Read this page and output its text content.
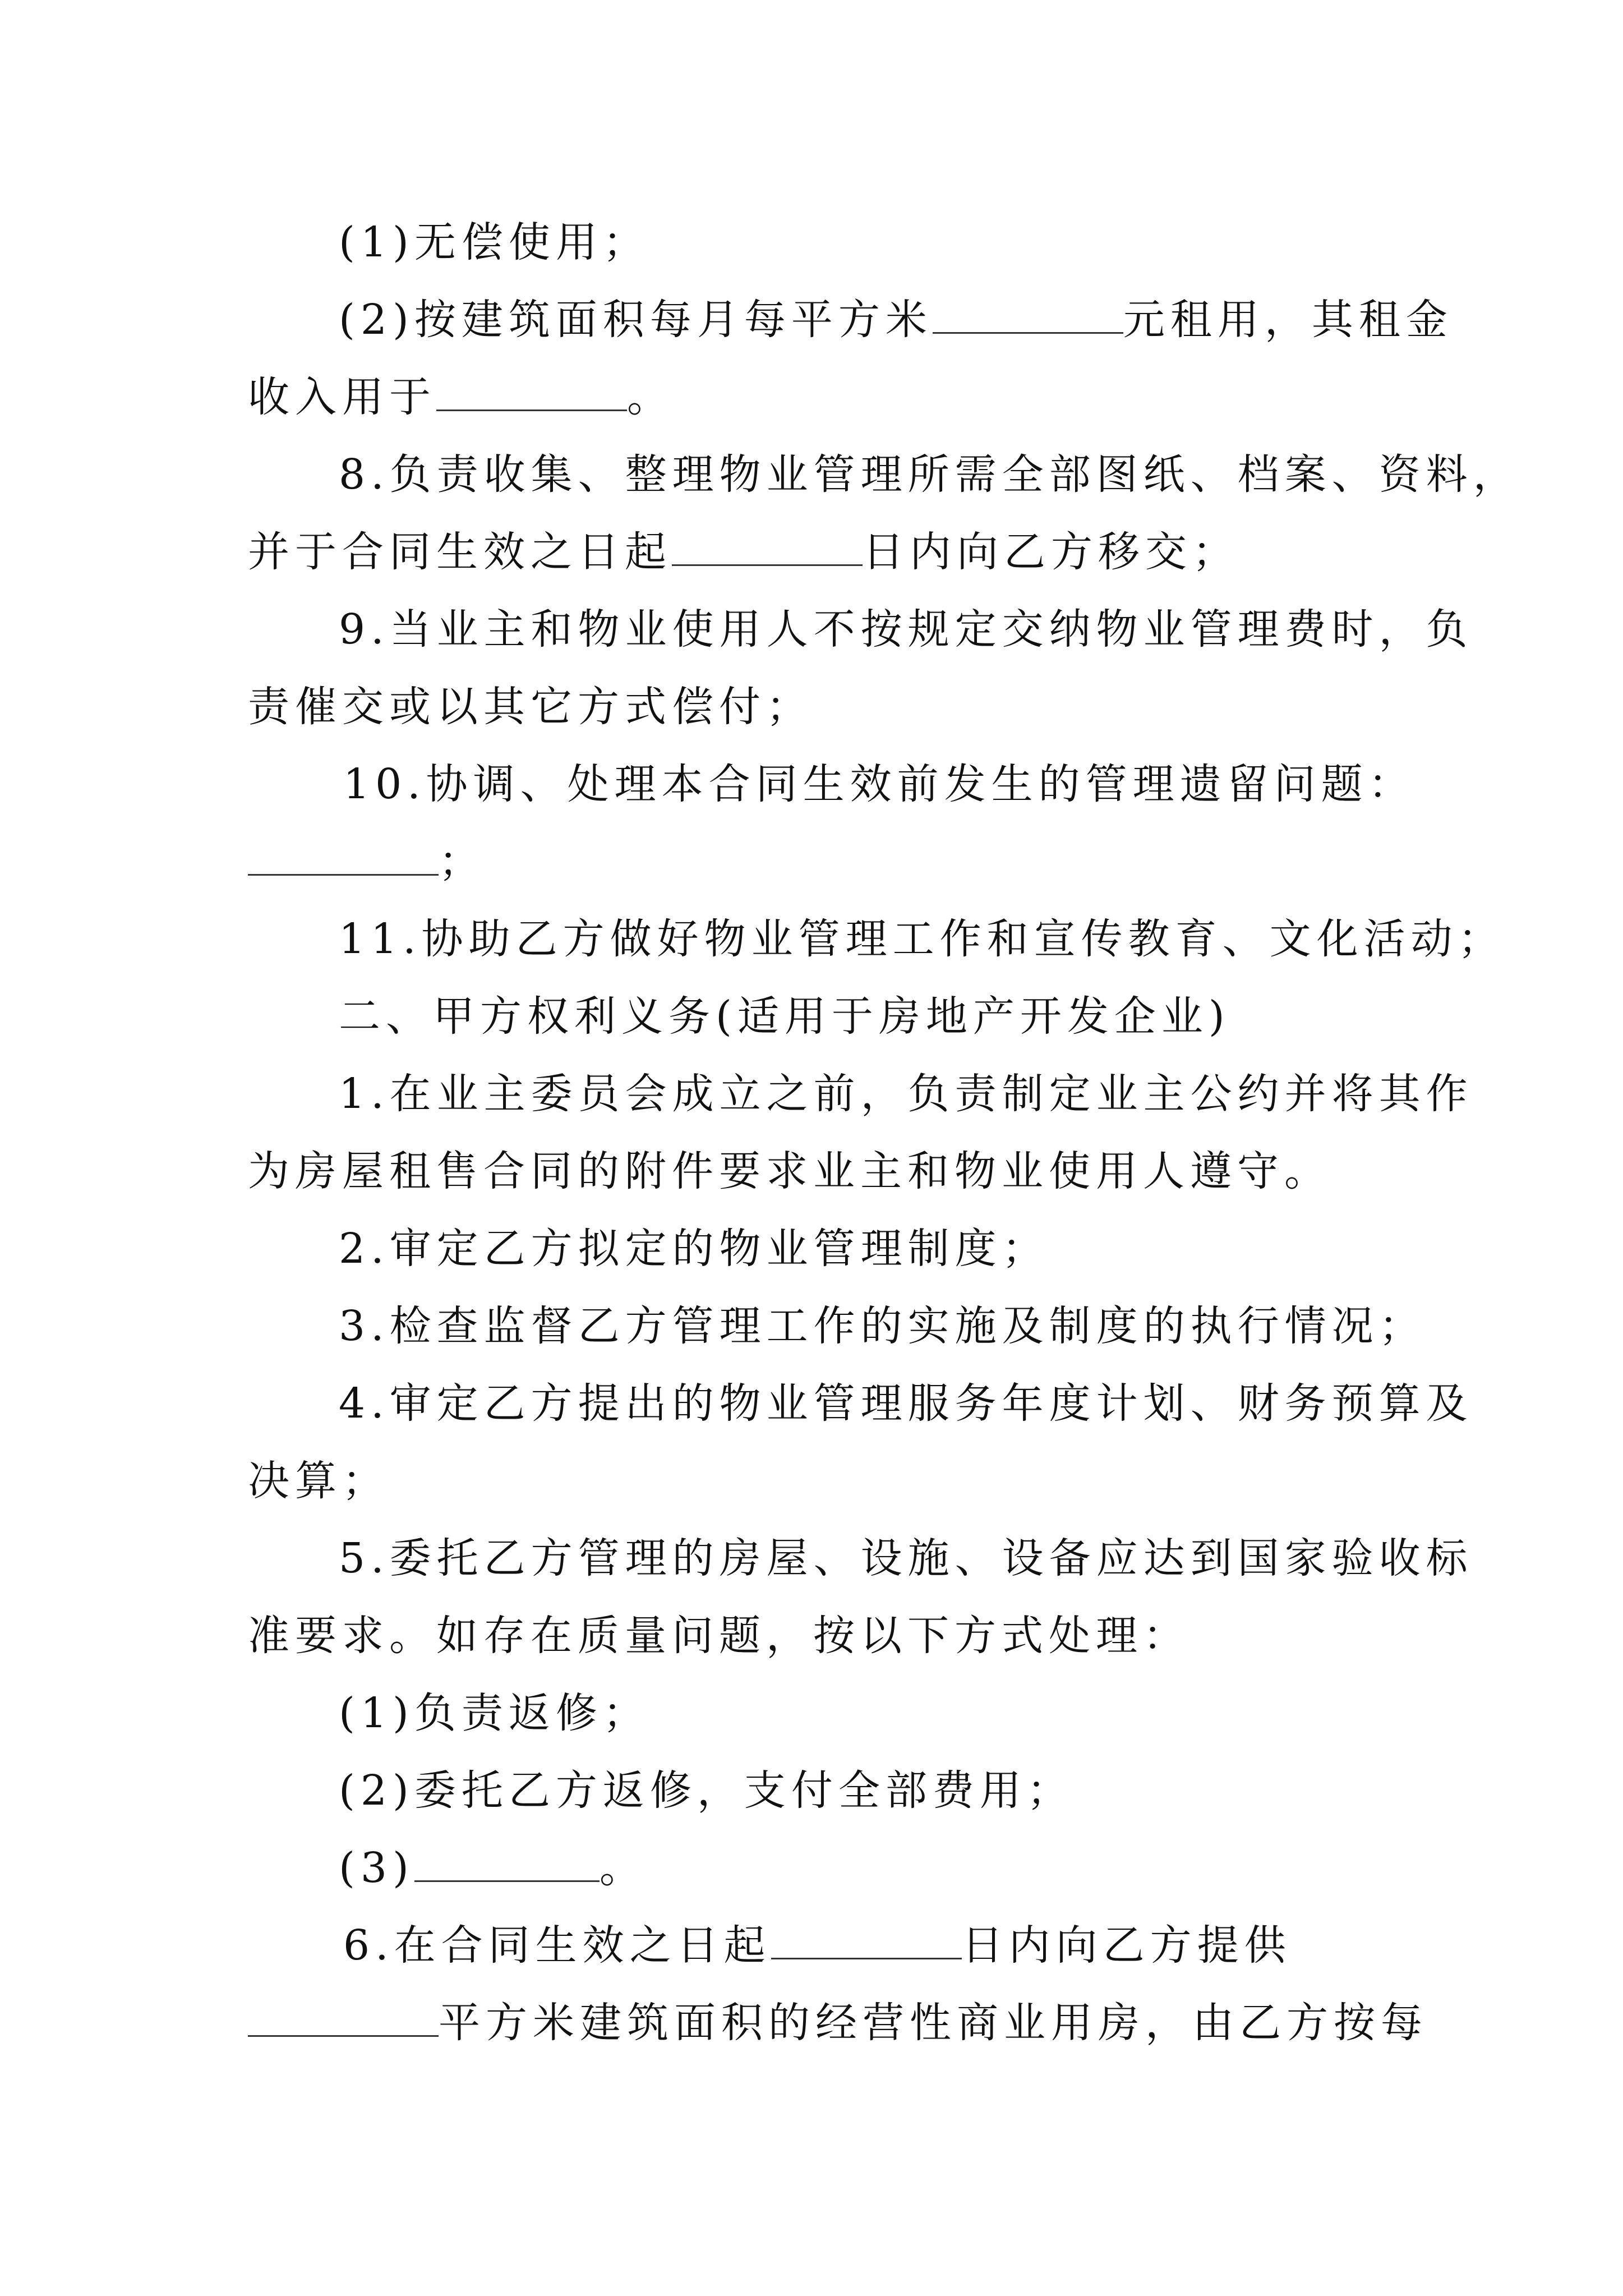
(1)无偿使用；
(2)按建筑面积每月每平方米	元租用，其租金
收入用于	。
8.负责收集、整理物业管理所需全部图纸、档案、资料，
并于合同生效之日起	日内向乙方移交；
9.当业主和物业使用人不按规定交纳物业管理费时，负
责催交或以其它方式偿付；
10.协调、处理本合同生效前发生的管理遗留问题：
；
11.协助乙方做好物业管理工作和宣传教育、文化活动；
二、甲方权利义务(适用于房地产开发企业)
1.在业主委员会成立之前，负责制定业主公约并将其作
为房屋租售合同的附件要求业主和物业使用人遵守。
2.审定乙方拟定的物业管理制度；
3.检查监督乙方管理工作的实施及制度的执行情况；
4.审定乙方提出的物业管理服务年度计划、财务预算及
决算；
5.委托乙方管理的房屋、设施、设备应达到国家验收标
准要求。如存在质量问题，按以下方式处理：
(1)负责返修；
(2)委托乙方返修，支付全部费用；
(3)	。
6.在合同生效之日起	日内向乙方提供
平方米建筑面积的经营性商业用房，由乙方按每
